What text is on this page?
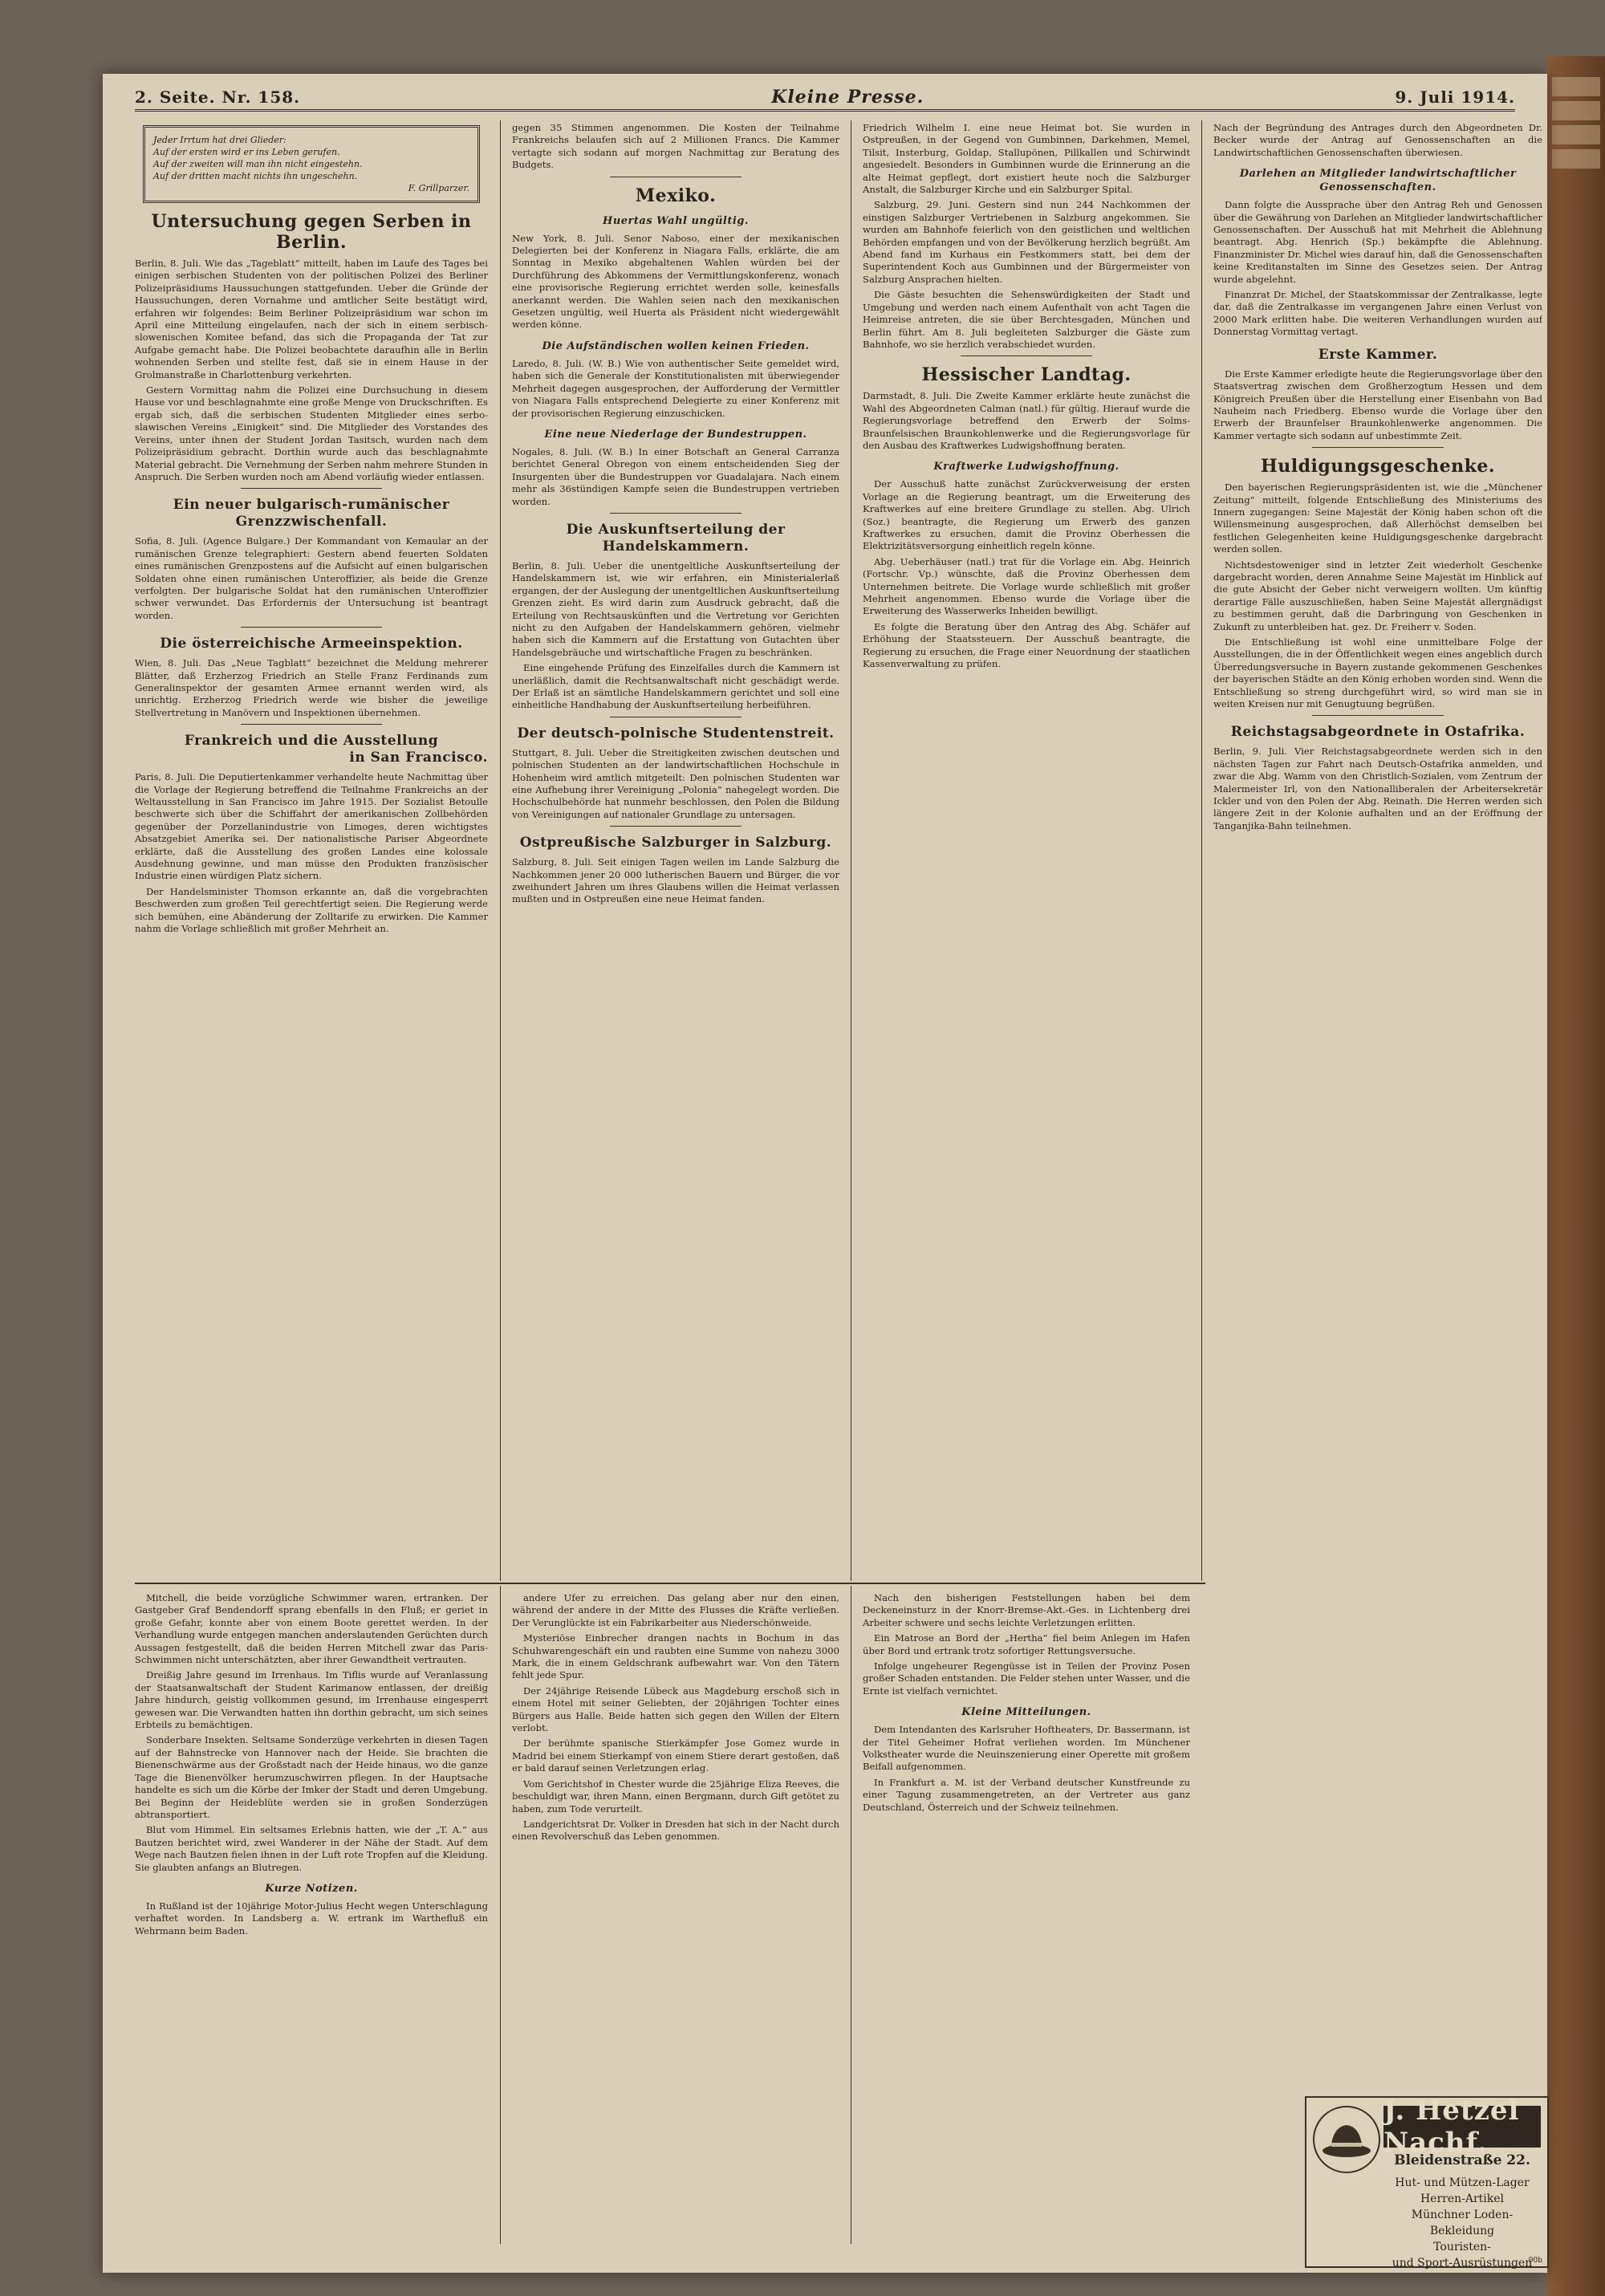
2. Seite. Nr. 158.	Kleine Presse.	9. Juli 1914.
Jeder Irrtum hat drei Glieder:
Auf der ersten wird er ins Leben gerufen.
Auf der zweiten will man ihn nicht eingestehn.
Auf der dritten macht nichts ihn ungeschehn.
F. Grillparzer.
Untersuchung gegen Serben in Berlin.

Berlin, 8. Juli. Wie das „Tageblatt“ mitteilt, haben im Laufe des Tages bei einigen serbischen Studenten von der politischen Polizei des Berliner Polizeipräsidiums Haussuchungen stattgefunden. Ueber die Gründe der Haussuchungen, deren Vornahme und amtlicher Seite bestätigt wird, erfahren wir folgendes: Beim Berliner Polizeipräsidium war schon im April eine Mitteilung eingelaufen, nach der sich in einem serbisch-slowenischen Komitee befand, das sich die Propaganda der Tat zur Aufgabe gemacht habe. Die Polizei beobachtete daraufhin alle in Berlin wohnenden Serben und stellte fest, daß sie in einem Hause in der Grolmanstraße in Charlottenburg verkehrten.

Gestern Vormittag nahm die Polizei eine Durchsuchung in diesem Hause vor und beschlagnahmte eine große Menge von Druckschriften. Es ergab sich, daß die serbischen Studenten Mitglieder eines serbo-slawischen Vereins „Einigkeit“ sind. Die Mitglieder des Vorstandes des Vereins, unter ihnen der Student Jordan Tasitsch, wurden nach dem Polizeipräsidium gebracht. Dorthin wurde auch das beschlagnahmte Material gebracht. Die Vernehmung der Serben nahm mehrere Stunden in Anspruch. Die Serben wurden noch am Abend vorläufig wieder entlassen.

Ein neuer bulgarisch-rumänischer Grenzzwischenfall.

Sofia, 8. Juli. (Agence Bulgare.) Der Kommandant von Kemaular an der rumänischen Grenze telegraphiert: Gestern abend feuerten Soldaten eines rumänischen Grenzpostens auf die Aufsicht auf einen bulgarischen Soldaten ohne einen rumänischen Unteroffizier, als beide die Grenze verfolgten. Der bulgarische Soldat hat den rumänischen Unteroffizier schwer verwundet. Das Erfordernis der Untersuchung ist beantragt worden.

Die österreichische Armeeinspektion.

Wien, 8. Juli. Das „Neue Tagblatt“ bezeichnet die Meldung mehrerer Blätter, daß Erzherzog Friedrich an Stelle Franz Ferdinands zum Generalinspektor der gesamten Armee ernannt werden wird, als unrichtig. Erzherzog Friedrich werde wie bisher die jeweilige Stellvertretung in Manövern und Inspektionen übernehmen.

Frankreich und die Ausstellung
in San Francisco.

Paris, 8. Juli. Die Deputiertenkammer verhandelte heute Nachmittag über die Vorlage der Regierung betreffend die Teilnahme Frankreichs an der Weltausstellung in San Francisco im Jahre 1915. Der Sozialist Betoulle beschwerte sich über die Schiffahrt der amerikanischen Zollbehörden gegenüber der Porzellanindustrie von Limoges, deren wichtigstes Absatzgebiet Amerika sei. Der nationalistische Pariser Abgeordnete erklärte, daß die Ausstellung des großen Landes eine kolossale Ausdehnung gewinne, und man müsse den Produkten französischer Industrie einen würdigen Platz sichern.

Der Handelsminister Thomson erkannte an, daß die vorgebrachten Beschwerden zum großen Teil gerechtfertigt seien. Die Regierung werde sich bemühen, eine Abänderung der Zolltarife zu erwirken. Die Kammer nahm die Vorlage schließlich mit großer Mehrheit an.

gegen 35 Stimmen angenommen. Die Kosten der Teilnahme Frankreichs belaufen sich auf 2 Millionen Francs. Die Kammer vertagte sich sodann auf morgen Nachmittag zur Beratung des Budgets.

Mexiko.
Huertas Wahl ungültig.

New York, 8. Juli. Senor Naboso, einer der mexikanischen Delegierten bei der Konferenz in Niagara Falls, erklärte, die am Sonntag in Mexiko abgehaltenen Wahlen würden bei der Durchführung des Abkommens der Vermittlungskonferenz, wonach eine provisorische Regierung errichtet werden solle, keinesfalls anerkannt werden. Die Wahlen seien nach den mexikanischen Gesetzen ungültig, weil Huerta als Präsident nicht wiedergewählt werden könne.

Die Aufständischen wollen keinen Frieden.

Laredo, 8. Juli. (W. B.) Wie von authentischer Seite gemeldet wird, haben sich die Generale der Konstitutionalisten mit überwiegender Mehrheit dagegen ausgesprochen, der Aufforderung der Vermittler von Niagara Falls entsprechend Delegierte zu einer Konferenz mit der provisorischen Regierung einzuschicken.

Eine neue Niederlage der Bundestruppen.

Nogales, 8. Juli. (W. B.) In einer Botschaft an General Carranza berichtet General Obregon von einem entscheidenden Sieg der Insurgenten über die Bundestruppen vor Guadalajara. Nach einem mehr als 36stündigen Kampfe seien die Bundestruppen vertrieben worden.

Die Auskunftserteilung der Handelskammern.

Berlin, 8. Juli. Ueber die unentgeltliche Auskunftserteilung der Handelskammern ist, wie wir erfahren, ein Ministerialerlaß ergangen, der der Auslegung der unentgeltlichen Auskunftserteilung Grenzen zieht. Es wird darin zum Ausdruck gebracht, daß die Erteilung von Rechtsauskünften und die Vertretung vor Gerichten nicht zu den Aufgaben der Handelskammern gehören, vielmehr haben sich die Kammern auf die Erstattung von Gutachten über Handelsgebräuche und wirtschaftliche Fragen zu beschränken.

Eine eingehende Prüfung des Einzelfalles durch die Kammern ist unerläßlich, damit die Rechtsanwaltschaft nicht geschädigt werde. Der Erlaß ist an sämtliche Handelskammern gerichtet und soll eine einheitliche Handhabung der Auskunftserteilung herbeiführen.

Der deutsch-polnische Studentenstreit.

Stuttgart, 8. Juli. Ueber die Streitigkeiten zwischen deutschen und polnischen Studenten an der landwirtschaftlichen Hochschule in Hohenheim wird amtlich mitgeteilt: Den polnischen Studenten war eine Aufhebung ihrer Vereinigung „Polonia“ nahegelegt worden. Die Hochschulbehörde hat nunmehr beschlossen, den Polen die Bildung von Vereinigungen auf nationaler Grundlage zu untersagen.

Ostpreußische Salzburger in Salzburg.

Salzburg, 8. Juli. Seit einigen Tagen weilen im Lande Salzburg die Nachkommen jener 20 000 lutherischen Bauern und Bürger, die vor zweihundert Jahren um ihres Glaubens willen die Heimat verlassen mußten und in Ostpreußen eine neue Heimat fanden.

Friedrich Wilhelm I. eine neue Heimat bot. Sie wurden in Ostpreußen, in der Gegend von Gumbinnen, Darkehmen, Memel, Tilsit, Insterburg, Goldap, Stallupönen, Pillkallen und Schirwindt angesiedelt. Besonders in Gumbinnen wurde die Erinnerung an die alte Heimat gepflegt, dort existiert heute noch die Salzburger Anstalt, die Salzburger Kirche und ein Salzburger Spital.

Salzburg, 29. Juni. Gestern sind nun 244 Nachkommen der einstigen Salzburger Vertriebenen in Salzburg angekommen. Sie wurden am Bahnhofe feierlich von den geistlichen und weltlichen Behörden empfangen und von der Bevölkerung herzlich begrüßt. Am Abend fand im Kurhaus ein Festkommers statt, bei dem der Superintendent Koch aus Gumbinnen und der Bürgermeister von Salzburg Ansprachen hielten.

Die Gäste besuchten die Sehenswürdigkeiten der Stadt und Umgebung und werden nach einem Aufenthalt von acht Tagen die Heimreise antreten, die sie über Berchtesgaden, München und Berlin führt. Am 8. Juli begleiteten Salzburger die Gäste zum Bahnhofe, wo sie herzlich verabschiedet wurden.

Hessischer Landtag.

Darmstadt, 8. Juli. Die Zweite Kammer erklärte heute zunächst die Wahl des Abgeordneten Calman (natl.) für gültig. Hierauf wurde die Regierungsvorlage betreffend den Erwerb der Solms-Braunfelsischen Braunkohlenwerke und die Regierungsvorlage für den Ausbau des Kraftwerkes Ludwigshoffnung beraten.

Kraftwerke Ludwigshoffnung.

Der Ausschuß hatte zunächst Zurückverweisung der ersten Vorlage an die Regierung beantragt, um die Erweiterung des Kraftwerkes auf eine breitere Grundlage zu stellen. Abg. Ulrich (Soz.) beantragte, die Regierung um Erwerb des ganzen Kraftwerkes zu ersuchen, damit die Provinz Oberhessen die Elektrizitätsversorgung einheitlich regeln könne.

Abg. Ueberhäuser (natl.) trat für die Vorlage ein. Abg. Heinrich (Fortschr. Vp.) wünschte, daß die Provinz Oberhessen dem Unternehmen beitrete. Die Vorlage wurde schließlich mit großer Mehrheit angenommen. Ebenso wurde die Vorlage über die Erweiterung des Wasserwerks Inheiden bewilligt.

Es folgte die Beratung über den Antrag des Abg. Schäfer auf Erhöhung der Staatssteuern. Der Ausschuß beantragte, die Regierung zu ersuchen, die Frage einer Neuordnung der staatlichen Kassenverwaltung zu prüfen.

Nach der Begründung des Antrages durch den Abgeordneten Dr. Becker wurde der Antrag auf Genossenschaften an die Landwirtschaftlichen Genossenschaften überwiesen.

Darlehen an Mitglieder landwirtschaftlicher Genossenschaften.

Dann folgte die Aussprache über den Antrag Reh und Genossen über die Gewährung von Darlehen an Mitglieder landwirtschaftlicher Genossenschaften. Der Ausschuß hat mit Mehrheit die Ablehnung beantragt. Abg. Henrich (Sp.) bekämpfte die Ablehnung. Finanzminister Dr. Michel wies darauf hin, daß die Genossenschaften keine Kreditanstalten im Sinne des Gesetzes seien. Der Antrag wurde abgelehnt.

Finanzrat Dr. Michel, der Staatskommissar der Zentralkasse, legte dar, daß die Zentralkasse im vergangenen Jahre einen Verlust von 2000 Mark erlitten habe. Die weiteren Verhandlungen wurden auf Donnerstag Vormittag vertagt.

Erste Kammer.

Die Erste Kammer erledigte heute die Regierungsvorlage über den Staatsvertrag zwischen dem Großherzogtum Hessen und dem Königreich Preußen über die Herstellung einer Eisenbahn von Bad Nauheim nach Friedberg. Ebenso wurde die Vorlage über den Erwerb der Braunfelser Braunkohlenwerke angenommen. Die Kammer vertagte sich sodann auf unbestimmte Zeit.

Huldigungsgeschenke.

Den bayerischen Regierungspräsidenten ist, wie die „Münchener Zeitung“ mitteilt, folgende Entschließung des Ministeriums des Innern zugegangen: Seine Majestät der König haben schon oft die Willensmeinung ausgesprochen, daß Allerhöchst demselben bei festlichen Gelegenheiten keine Huldigungsgeschenke dargebracht werden sollen.

Nichtsdestoweniger sind in letzter Zeit wiederholt Geschenke dargebracht worden, deren Annahme Seine Majestät im Hinblick auf die gute Absicht der Geber nicht verweigern wollten. Um künftig derartige Fälle auszuschließen, haben Seine Majestät allergnädigst zu bestimmen geruht, daß die Darbringung von Geschenken in Zukunft zu unterbleiben hat. gez. Dr. Freiherr v. Soden.

Die Entschließung ist wohl eine unmittelbare Folge der Ausstellungen, die in der Öffentlichkeit wegen eines angeblich durch Überredungsversuche in Bayern zustande gekommenen Geschenkes der bayerischen Städte an den König erhoben worden sind. Wenn die Entschließung so streng durchgeführt wird, so wird man sie in weiten Kreisen nur mit Genugtuung begrüßen.

Reichstagsabgeordnete in Ostafrika.

Berlin, 9. Juli. Vier Reichstagsabgeordnete werden sich in den nächsten Tagen zur Fahrt nach Deutsch-Ostafrika anmelden, und zwar die Abg. Wamm von den Christlich-Sozialen, vom Zentrum der Malermeister Irl, von den Nationalliberalen der Arbeitersekretär Ickler und von den Polen der Abg. Reinath. Die Herren werden sich längere Zeit in der Kolonie aufhalten und an der Eröffnung der Tanganjika-Bahn teilnehmen.

Mitchell, die beide vorzügliche Schwimmer waren, ertranken. Der Gastgeber Graf Bendendorff sprang ebenfalls in den Fluß; er geriet in große Gefahr, konnte aber von einem Boote gerettet werden. In der Verhandlung wurde entgegen manchen anderslautenden Gerüchten durch Aussagen festgestellt, daß die beiden Herren Mitchell zwar das Paris-Schwimmen nicht unterschätzten, aber ihrer Gewandtheit vertrauten.

Dreißig Jahre gesund im Irrenhaus. Im Tiflis wurde auf Veranlassung der Staatsanwaltschaft der Student Karimanow entlassen, der dreißig Jahre hindurch, geistig vollkommen gesund, im Irrenhause eingesperrt gewesen war. Die Verwandten hatten ihn dorthin gebracht, um sich seines Erbteils zu bemächtigen.

Sonderbare Insekten. Seltsame Sonderzüge verkehrten in diesen Tagen auf der Bahnstrecke von Hannover nach der Heide. Sie brachten die Bienenschwärme aus der Großstadt nach der Heide hinaus, wo die ganze Tage die Bienenvölker herumzuschwirren pflegen. In der Hauptsache handelte es sich um die Körbe der Imker der Stadt und deren Umgebung. Bei Beginn der Heideblüte werden sie in großen Sonderzügen abtransportiert.

Blut vom Himmel. Ein seltsames Erlebnis hatten, wie der „T. A.“ aus Bautzen berichtet wird, zwei Wanderer in der Nähe der Stadt. Auf dem Wege nach Bautzen fielen ihnen in der Luft rote Tropfen auf die Kleidung. Sie glaubten anfangs an Blutregen.

Kurze Notizen.

In Rußland ist der 10jährige Motor-Julius Hecht wegen Unterschlagung verhaftet worden. In Landsberg a. W. ertrank im Warthefluß ein Wehrmann beim Baden.

andere Ufer zu erreichen. Das gelang aber nur den einen, während der andere in der Mitte des Flusses die Kräfte verließen. Der Verunglückte ist ein Fabrikarbeiter aus Niederschönweide.

Mysteriöse Einbrecher drangen nachts in Bochum in das Schuhwarengeschäft ein und raubten eine Summe von nahezu 3000 Mark, die in einem Geldschrank aufbewahrt war. Von den Tätern fehlt jede Spur.

Der 24jährige Reisende Lübeck aus Magdeburg erschoß sich in einem Hotel mit seiner Geliebten, der 20jährigen Tochter eines Bürgers aus Halle. Beide hatten sich gegen den Willen der Eltern verlobt.

Der berühmte spanische Stierkämpfer Jose Gomez wurde in Madrid bei einem Stierkampf von einem Stiere derart gestoßen, daß er bald darauf seinen Verletzungen erlag.

Vom Gerichtshof in Chester wurde die 25jährige Eliza Reeves, die beschuldigt war, ihren Mann, einen Bergmann, durch Gift getötet zu haben, zum Tode verurteilt.

Landgerichtsrat Dr. Volker in Dresden hat sich in der Nacht durch einen Revolverschuß das Leben genommen.

Nach den bisherigen Feststellungen haben bei dem Deckeneinsturz in der Knorr-Bremse-Akt.-Ges. in Lichtenberg drei Arbeiter schwere und sechs leichte Verletzungen erlitten.

Ein Matrose an Bord der „Hertha“ fiel beim Anlegen im Hafen über Bord und ertrank trotz sofortiger Rettungsversuche.

Infolge ungeheurer Regengüsse ist in Teilen der Provinz Posen großer Schaden entstanden. Die Felder stehen unter Wasser, und die Ernte ist vielfach vernichtet.

Kleine Mitteilungen.

Dem Intendanten des Karlsruher Hoftheaters, Dr. Bassermann, ist der Titel Geheimer Hofrat verliehen worden. Im Münchener Volkstheater wurde die Neuinszenierung einer Operette mit großem Beifall aufgenommen.

In Frankfurt a. M. ist der Verband deutscher Kunstfreunde zu einer Tagung zusammengetreten, an der Vertreter aus ganz Deutschland, Österreich und der Schweiz teilnehmen.

J. Hetzel Nachf.
Bleidenstraße 22.
Hut- und Mützen-Lager
Herren-Artikel
Münchner Loden-Bekleidung
Touristen-
und Sport-Ausrüstungen
90b
